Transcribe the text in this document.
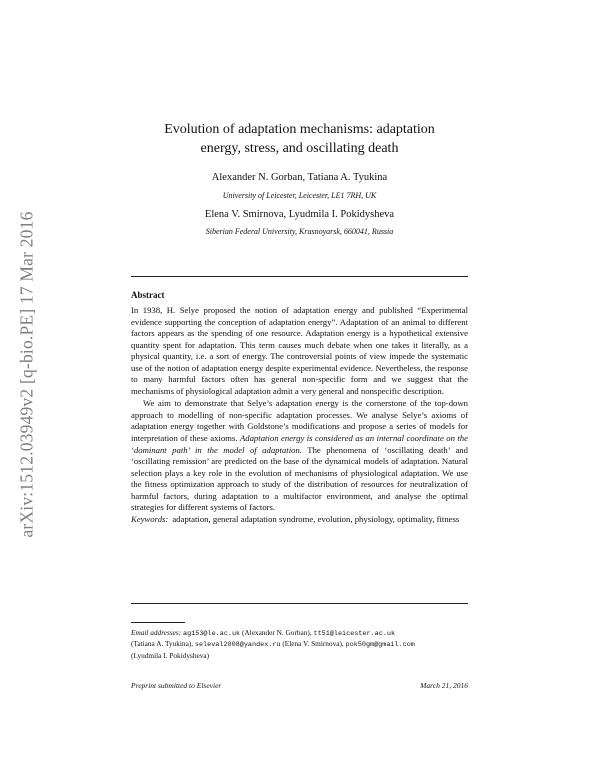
arXiv:1512.03949v2 [q-bio.PE] 17 Mar 2016
Evolution of adaptation mechanisms: adaptation
energy, stress, and oscillating death
Alexander N. Gorban, Tatiana A. Tyukina
University of Leicester, Leicester, LE1 7RH, UK
Elena V. Smirnova, Lyudmila I. Pokidysheva
Siberian Federal University, Krasnoyarsk, 660041, Russia
Abstract

In 1938, H. Selye proposed the notion of adaptation energy and published “Experimental evidence supporting the conception of adaptation energy”. Adaptation of an animal to different factors appears as the spending of one resource. Adaptation energy is a hypothetical extensive quantity spent for adaptation. This term causes much debate when one takes it literally, as a physical quantity, i.e. a sort of energy. The controversial points of view impede the systematic use of the notion of adaptation energy despite experimental evidence. Nevertheless, the response to many harmful factors often has general non-specific form and we suggest that the mechanisms of physiological adaptation admit a very general and nonspecific description.

We aim to demonstrate that Selye’s adaptation energy is the cornerstone of the top-down approach to modelling of non-specific adaptation processes. We analyse Selye’s axioms of adaptation energy together with Goldstone’s modifications and propose a series of models for interpretation of these axioms. Adaptation energy is considered as an internal coordinate on the ‘dominant path’ in the model of adaptation. The phenomena of ‘oscillating death’ and ‘oscillating remission’ are predicted on the base of the dynamical models of adaptation. Natural selection plays a key role in the evolution of mechanisms of physiological adaptation. We use the fitness optimization approach to study of the distribution of resources for neutralization of harmful factors, during adaptation to a multifactor environment, and analyse the optimal strategies for different systems of factors.

Keywords: adaptation, general adaptation syndrome, evolution, physiology, optimality, fitness

Email addresses: ag153@le.ac.uk (Alexander N. Gorban), tt51@leicester.ac.uk
(Tatiana A. Tyukina), seleval2008@yandex.ru (Elena V. Smirnova), pok50gm@gmail.com
(Lyudmila I. Pokidysheva)
Preprint submitted to Elsevier	March 21, 2016
